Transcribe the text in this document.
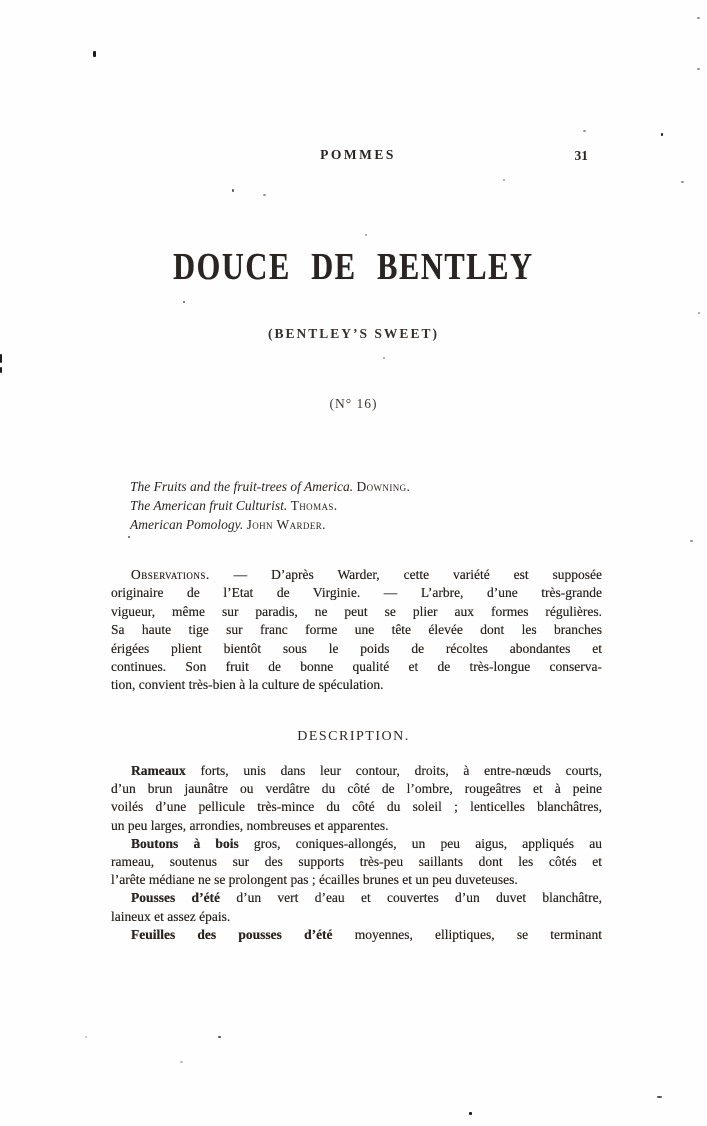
POMMES	31
DOUCE DE BENTLEY
(BENTLEY’S SWEET)
(N° 16)
The Fruits and the fruit-trees of America. Downing.
The American fruit Culturist. Thomas.
American Pomology. John Warder.
Observations. — D’après Warder, cette variété est supposée
originaire de l’Etat de Virginie. — L’arbre, d’une très-grande
vigueur, même sur paradis, ne peut se plier aux formes régulières.
Sa haute tige sur franc forme une tête élevée dont les branches
érigées plient bientôt sous le poids de récoltes abondantes et
continues. Son fruit de bonne qualité et de très-longue conserva-
tion, convient très-bien à la culture de spéculation.
DESCRIPTION.
Rameaux forts, unis dans leur contour, droits, à entre-nœuds courts,
d’un brun jaunâtre ou verdâtre du côté de l’ombre, rougeâtres et à peine
voilés d’une pellicule très-mince du côté du soleil ; lenticelles blanchâtres,
un peu larges, arrondies, nombreuses et apparentes.
Boutons à bois gros, coniques-allongés, un peu aigus, appliqués au
rameau, soutenus sur des supports très-peu saillants dont les côtés et
l’arête médiane ne se prolongent pas ; écailles brunes et un peu duveteuses.
Pousses d’été d’un vert d’eau et couvertes d’un duvet blanchâtre,
laineux et assez épais.
Feuilles des pousses d’été moyennes, elliptiques, se terminant
